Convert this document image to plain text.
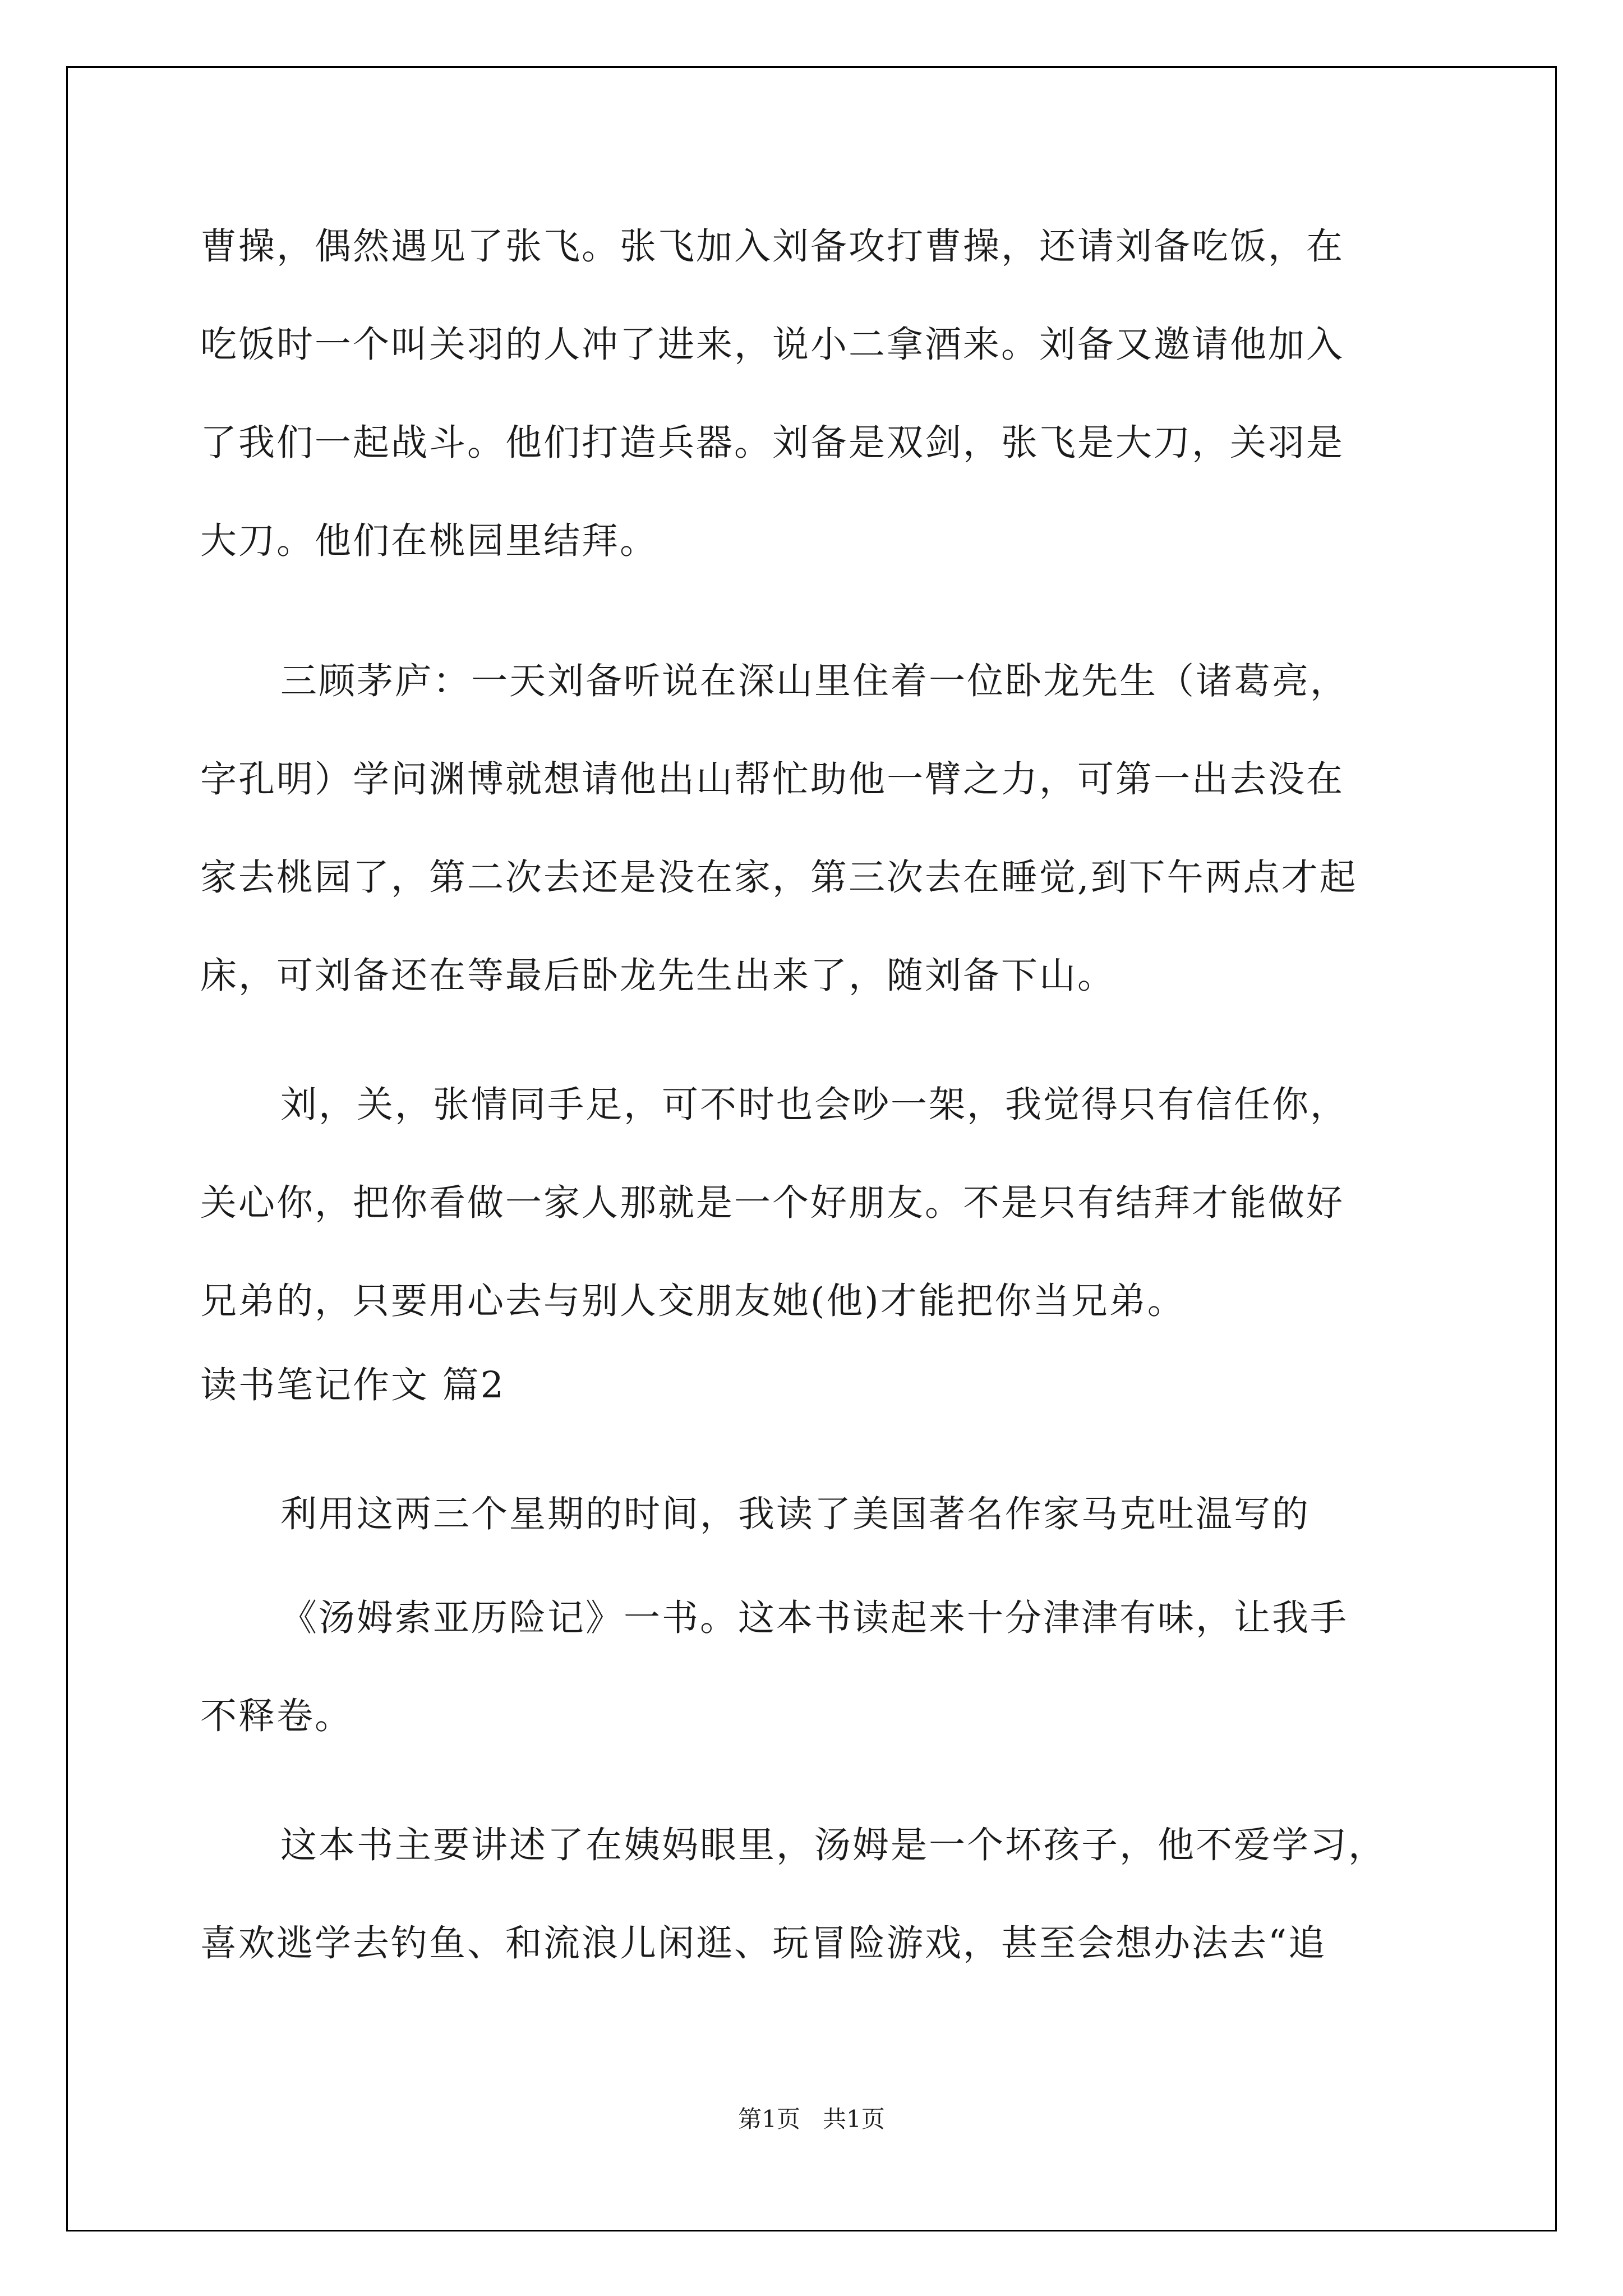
曹操，偶然遇见了张飞。张飞加入刘备攻打曹操，还请刘备吃饭，在
吃饭时一个叫关羽的人冲了进来，说小二拿酒来。刘备又邀请他加入
了我们一起战斗。他们打造兵器。刘备是双剑，张飞是大刀，关羽是
大刀。他们在桃园里结拜。
三顾茅庐：一天刘备听说在深山里住着一位卧龙先生（诸葛亮，
字孔明）学问渊博就想请他出山帮忙助他一臂之力，可第一出去没在
家去桃园了，第二次去还是没在家，第三次去在睡觉,到下午两点才起
床，可刘备还在等最后卧龙先生出来了，随刘备下山。
刘，关，张情同手足，可不时也会吵一架，我觉得只有信任你，
关心你，把你看做一家人那就是一个好朋友。不是只有结拜才能做好
兄弟的，只要用心去与别人交朋友她(他)才能把你当兄弟。
读书笔记作文 篇2
利用这两三个星期的时间，我读了美国著名作家马克吐温写的
《汤姆索亚历险记》一书。这本书读起来十分津津有味，让我手
不释卷。
这本书主要讲述了在姨妈眼里，汤姆是一个坏孩子，他不爱学习，
喜欢逃学去钓鱼、和流浪儿闲逛、玩冒险游戏，甚至会想办法去“追
第1页   共1页
